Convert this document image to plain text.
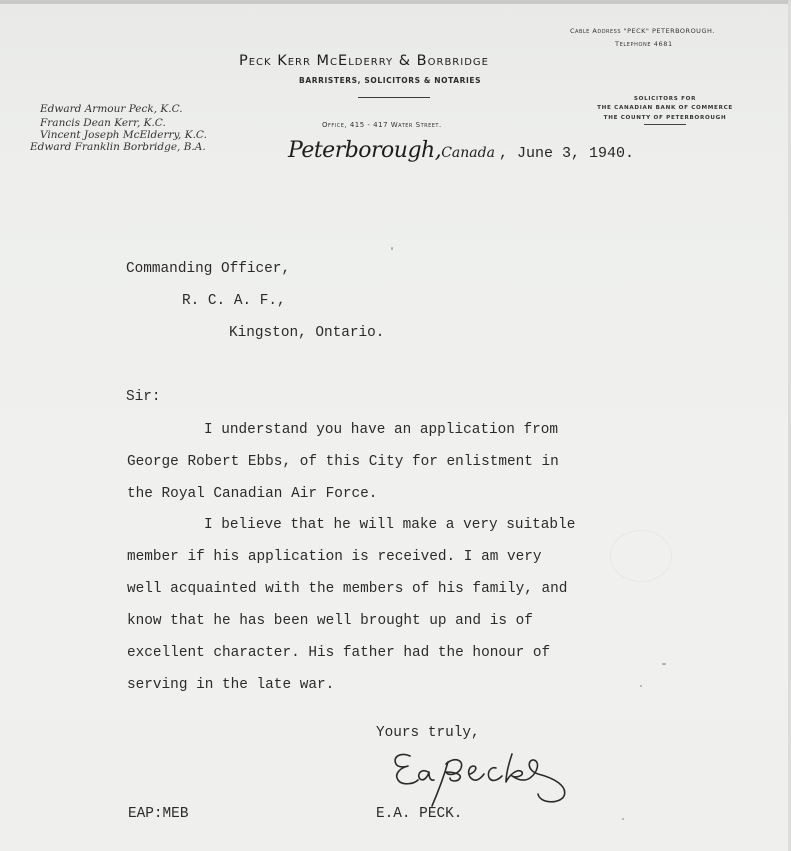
Peck Kerr McElderry & Borbridge
BARRISTERS, SOLICITORS & NOTARIES
Office, 415 - 417 Water Street.
Edward Armour Peck, K.C.
Francis Dean Kerr, K.C.
Vincent Joseph McElderry, K.C.
Edward Franklin Borbridge, B.A.
Cable Address "PECK" PETERBOROUGH.
Telephone 4681
SOLICITORS FOR
THE CANADIAN BANK OF COMMERCE
THE COUNTY OF PETERBOROUGH
Peterborough,Canada , June 3, 1940.
Commanding Officer,
R. C. A. F.,
Kingston, Ontario.
Sir:
I understand you have an application from
George Robert Ebbs, of this City for enlistment in
the Royal Canadian Air Force.
I believe that he will make a very suitable
member if his application is received. I am very
well acquainted with the members of his family, and
know that he has been well brought up and is of
excellent character. His father had the honour of
serving in the late war.
Yours truly,
E.A. PECK.
EAP:MEB
